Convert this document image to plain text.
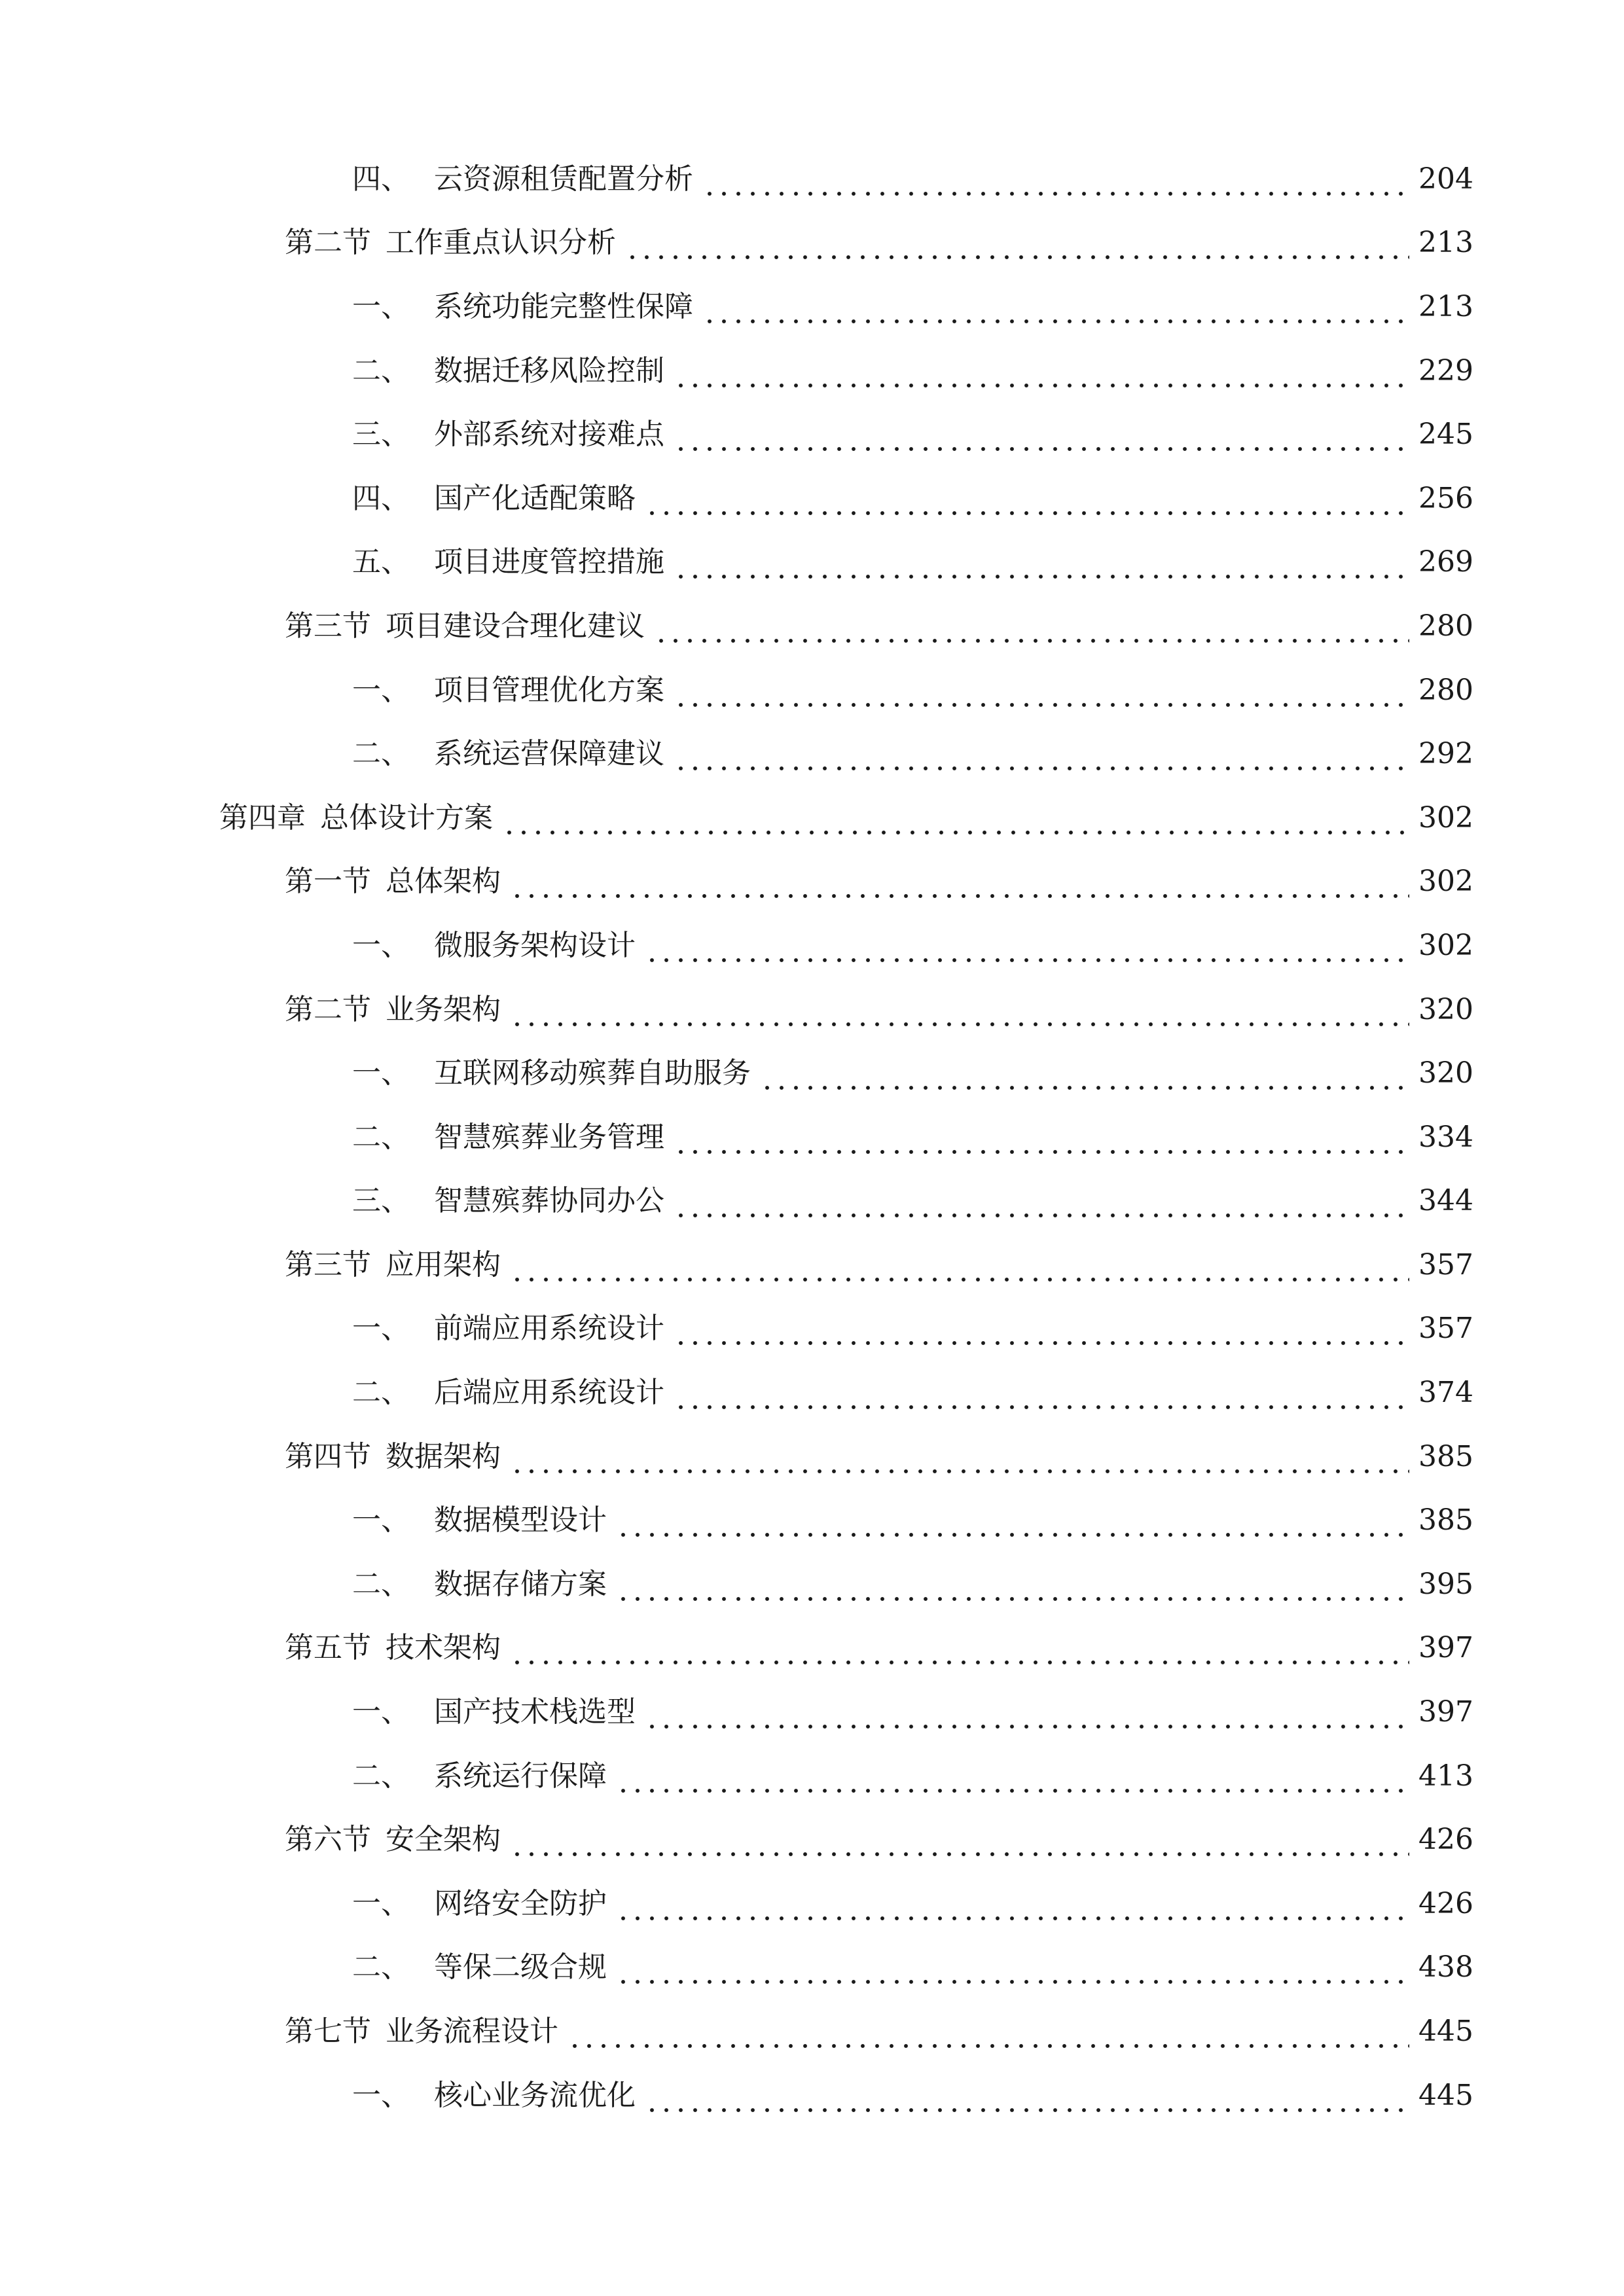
四、 云资源租赁配置分析	204
第二节 工作重点认识分析	213
一、 系统功能完整性保障	213
二、 数据迁移风险控制	229
三、 外部系统对接难点	245
四、 国产化适配策略	256
五、 项目进度管控措施	269
第三节 项目建设合理化建议	280
一、 项目管理优化方案	280
二、 系统运营保障建议	292
第四章 总体设计方案	302
第一节 总体架构	302
一、 微服务架构设计	302
第二节 业务架构	320
一、 互联网移动殡葬自助服务	320
二、 智慧殡葬业务管理	334
三、 智慧殡葬协同办公	344
第三节 应用架构	357
一、 前端应用系统设计	357
二、 后端应用系统设计	374
第四节 数据架构	385
一、 数据模型设计	385
二、 数据存储方案	395
第五节 技术架构	397
一、 国产技术栈选型	397
二、 系统运行保障	413
第六节 安全架构	426
一、 网络安全防护	426
二、 等保二级合规	438
第七节 业务流程设计	445
一、 核心业务流优化	445
